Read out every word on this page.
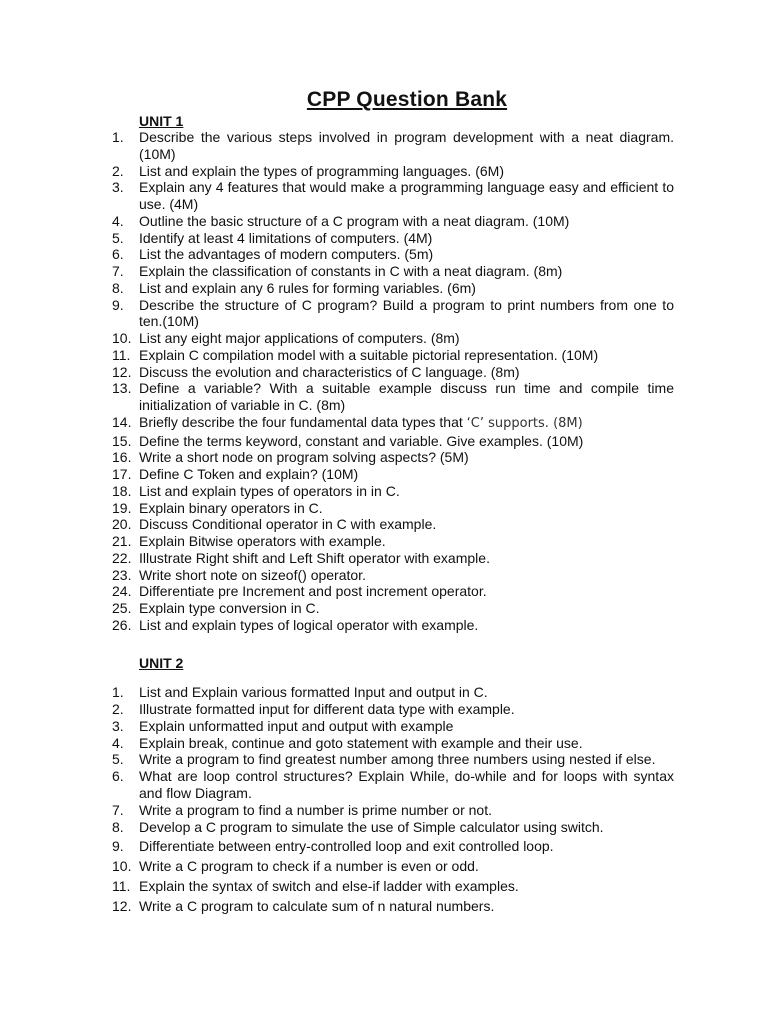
CPP Question Bank
UNIT 1
1.	Describe the various steps involved in program development with a neat diagram. (10M)
2.	List and explain the types of programming languages. (6M)
3.	Explain any 4 features that would make a programming language easy and efficient to use. (4M)
4.	Outline the basic structure of a C program with a neat diagram. (10M)
5.	Identify at least 4 limitations of computers. (4M)
6.	List the advantages of modern computers. (5m)
7.	Explain the classification of constants in C with a neat diagram. (8m)
8.	List and explain any 6 rules for forming variables. (6m)
9.	Describe the structure of C program? Build a program to print numbers from one to ten.(10M)
10. List any eight major applications of computers. (8m)
11. Explain C compilation model with a suitable pictorial representation. (10M)
12. Discuss the evolution and characteristics of C language. (8m)
13. Define a variable? With a suitable example discuss run time and compile time initialization of variable in C. (8m)
14. Briefly describe the four fundamental data types that ‘C’ supports. (8M)
15. Define the terms keyword, constant and variable. Give examples. (10M)
16. Write a short node on program solving aspects? (5M)
17. Define C Token and explain? (10M)
18. List and explain types of operators in in C.
19. Explain binary operators in C.
20. Discuss Conditional operator in C with example.
21. Explain Bitwise operators with example.
22. Illustrate Right shift and Left Shift operator with example.
23. Write short note on sizeof() operator.
24. Differentiate pre Increment and post increment operator.
25. Explain type conversion in C.
26. List and explain types of logical operator with example.
UNIT 2
1.	List and Explain various formatted Input and output in C.
2.	Illustrate formatted input for different data type with example.
3.	Explain unformatted input and output with example
4.	Explain break, continue and goto statement with example and their use.
5.	Write a program to find greatest number among three numbers using nested if else.
6.	What are loop control structures? Explain While, do-while and for loops with syntax and flow Diagram.
7.	Write a program to find a number is prime number or not.
8.	Develop a C program to simulate the use of Simple calculator using switch.
9.	Differentiate between entry-controlled loop and exit controlled loop.
10. Write a C program to check if a number is even or odd.
11. Explain the syntax of switch and else-if ladder with examples.
12. Write a C program to calculate sum of n natural numbers.
